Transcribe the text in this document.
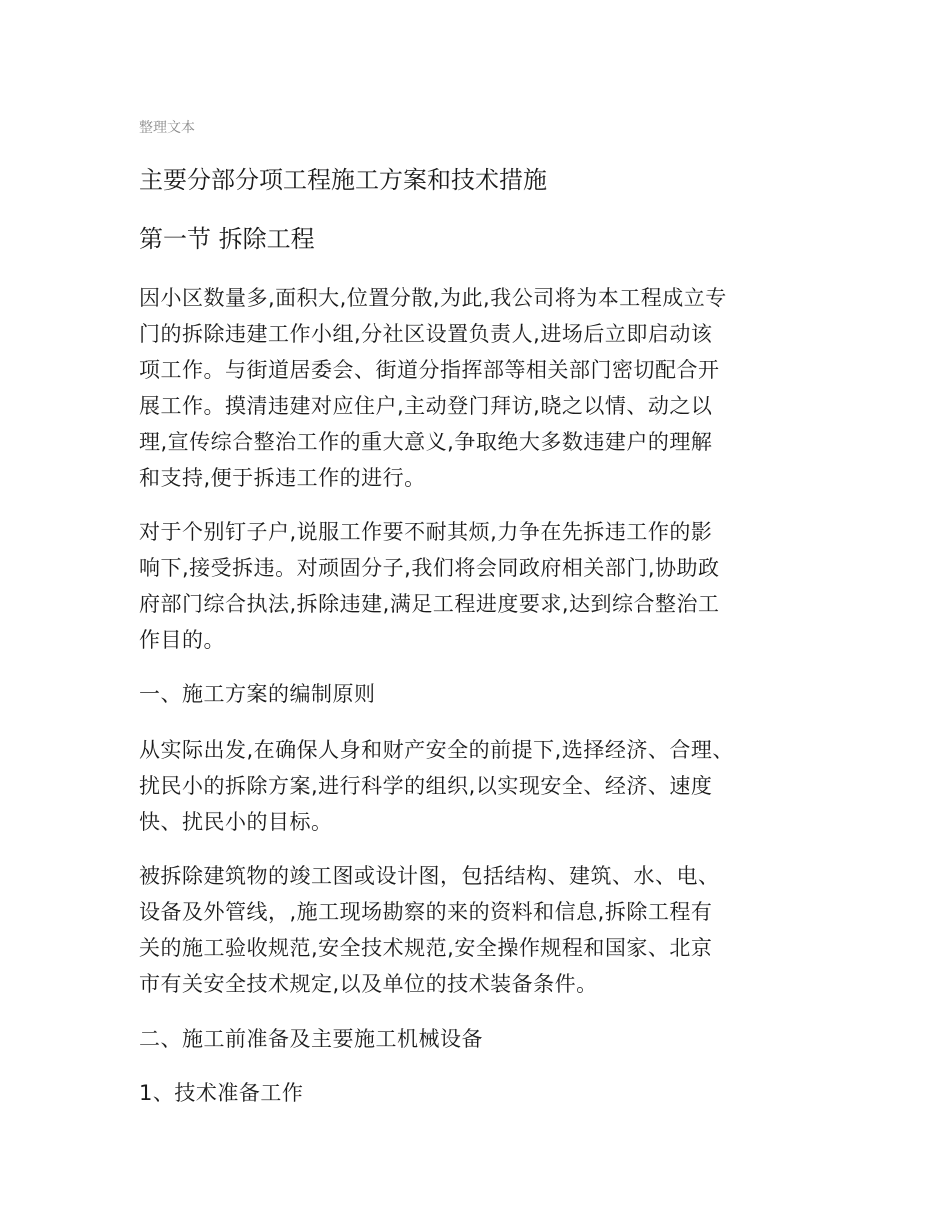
整理文本
主要分部分项工程施工方案和技术措施
第一节 拆除工程

因小区数量多,面积大,位置分散,为此,我公司将为本工程成立专
门的拆除违建工作小组,分社区设置负责人,进场后立即启动该
项工作。与街道居委会、街道分指挥部等相关部门密切配合开
展工作。摸清违建对应住户,主动登门拜访,晓之以情、动之以
理,宣传综合整治工作的重大意义,争取绝大多数违建户的理解
和支持,便于拆违工作的进行。

对于个别钉子户,说服工作要不耐其烦,力争在先拆违工作的影
响下,接受拆违。对顽固分子,我们将会同政府相关部门,协助政
府部门综合执法,拆除违建,满足工程进度要求,达到综合整治工
作目的。

一、施工方案的编制原则

从实际出发,在确保人身和财产安全的前提下,选择经济、合理、
扰民小的拆除方案,进行科学的组织,以实现安全、经济、速度
快、扰民小的目标。

被拆除建筑物的竣工图或设计图，包括结构、建筑、水、电、
设备及外管线，,施工现场勘察的来的资料和信息,拆除工程有
关的施工验收规范,安全技术规范,安全操作规程和国家、北京
市有关安全技术规定,以及单位的技术装备条件。

二、施工前准备及主要施工机械设备
1、技术准备工作
